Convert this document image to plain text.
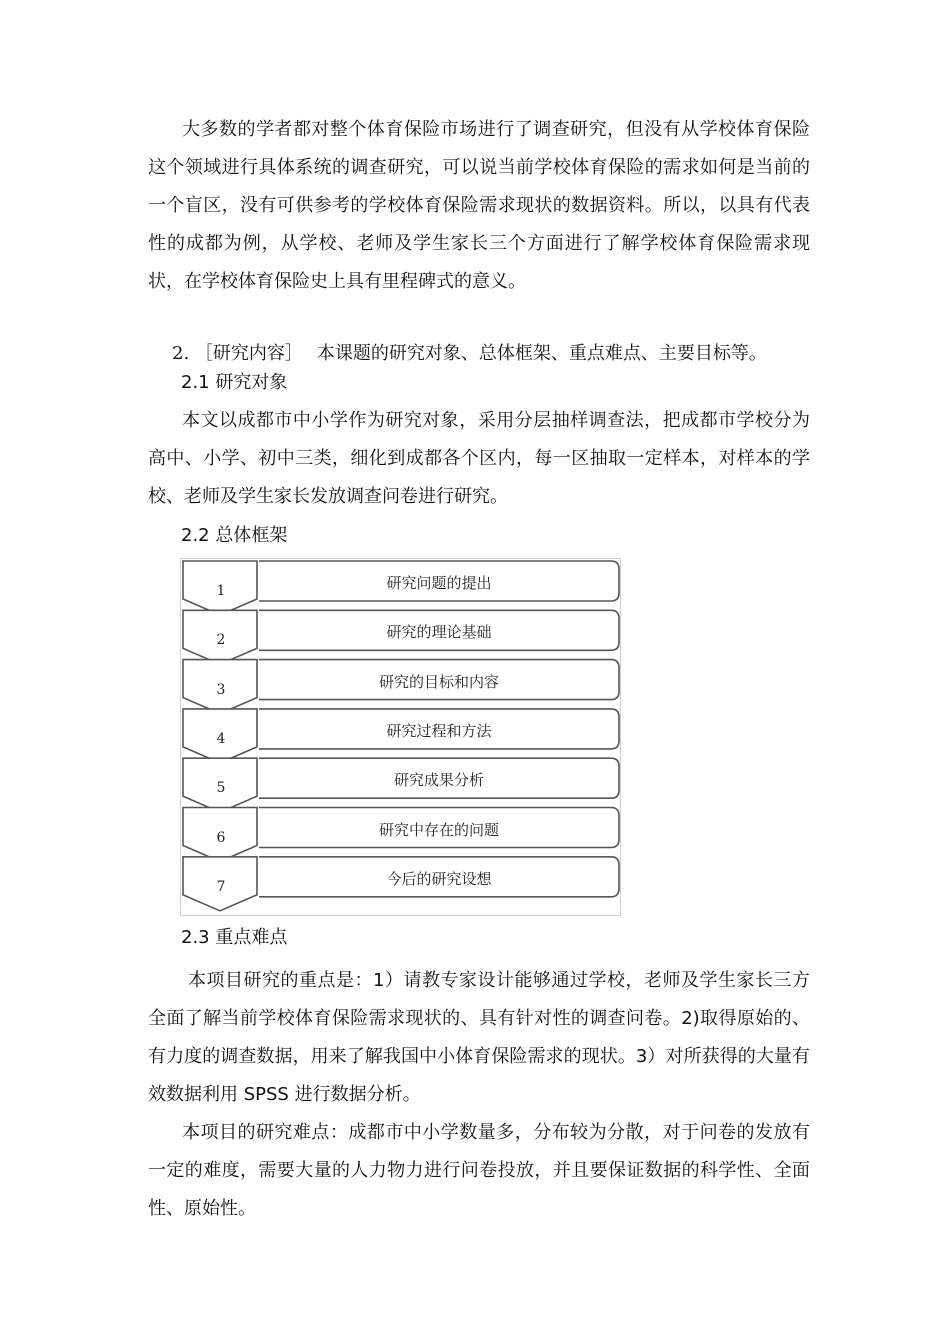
大多数的学者都对整个体育保险市场进行了调查研究，但没有从学校体育保险这个领域进行具体系统的调查研究，可以说当前学校体育保险的需求如何是当前的一个盲区，没有可供参考的学校体育保险需求现状的数据资料。所以，以具有代表性的成都为例，从学校、老师及学生家长三个方面进行了解学校体育保险需求现状，在学校体育保险史上具有里程碑式的意义。

2. ［研究内容］ 本课题的研究对象、总体框架、重点难点、主要目标等。

2.1 研究对象

本文以成都市中小学作为研究对象，采用分层抽样调查法，把成都市学校分为高中、小学、初中三类，细化到成都各个区内，每一区抽取一定样本，对样本的学校、老师及学生家长发放调查问卷进行研究。

2.2 总体框架

1	研究问题的提出
2	研究的理论基础
3	研究的目标和内容
4	研究过程和方法
5	研究成果分析
6	研究中存在的问题
7	今后的研究设想

2.3 重点难点

本项目研究的重点是：1）请教专家设计能够通过学校，老师及学生家长三方全面了解当前学校体育保险需求现状的、具有针对性的调查问卷。2)取得原始的、有力度的调查数据，用来了解我国中小体育保险需求的现状。3）对所获得的大量有效数据利用 SPSS 进行数据分析。

本项目的研究难点：成都市中小学数量多，分布较为分散，对于问卷的发放有一定的难度，需要大量的人力物力进行问卷投放，并且要保证数据的科学性、全面性、原始性。
